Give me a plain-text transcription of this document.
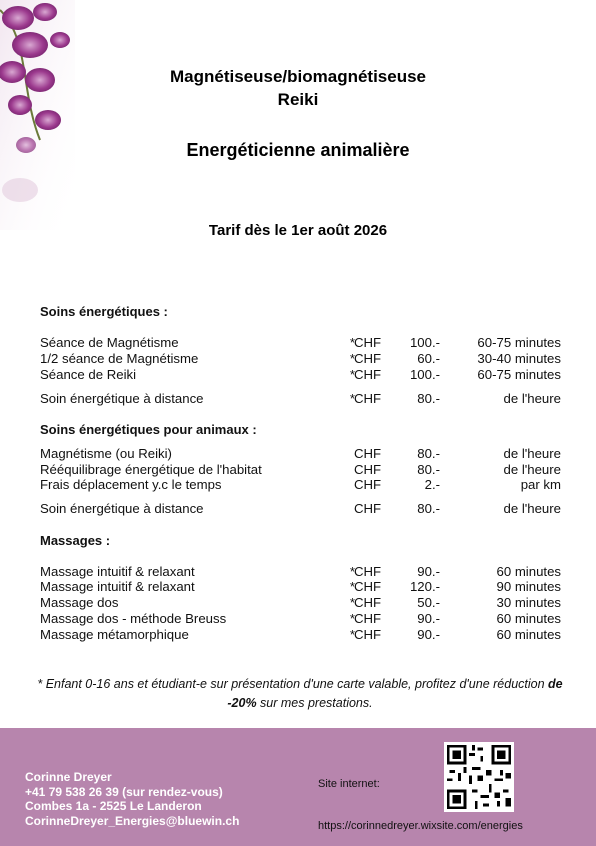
Magnétiseuse/biomagnétiseuse
Reiki
Energéticienne animalière
Tarif dès le 1er août 2026
Soins énergétiques :
Séance de Magnétisme	* CHF	100.-	60-75 minutes
1/2 séance de Magnétisme	* CHF	60.-	30-40 minutes
Séance de Reiki	* CHF	100.-	60-75 minutes
Soin énergétique à distance	* CHF	80.-	de l'heure
Soins énergétiques pour animaux :
Magnétisme (ou Reiki)	CHF	80.-	de l'heure
Rééquilibrage énergétique de l'habitat	CHF	80.-	de l'heure
Frais déplacement y.c le temps	CHF	2.-	par km
Soin énergétique à distance	CHF	80.-	de l'heure
Massages :
Massage intuitif & relaxant	* CHF	90.-	60 minutes
Massage intuitif & relaxant	* CHF	120.-	90 minutes
Massage dos	* CHF	50.-	30 minutes
Massage dos - méthode Breuss	* CHF	90.-	60 minutes
Massage métamorphique	* CHF	90.-	60 minutes
* Enfant 0-16 ans et étudiant-e sur présentation d'une carte valable, profitez d'une réduction de -20% sur mes prestations.
Corinne Dreyer
+41 79 538 26 39 (sur rendez-vous)
Combes 1a - 2525 Le Landeron
CorinneDreyer_Energies@bluewin.ch
Site internet:
https://corinnedreyer.wixsite.com/energies
